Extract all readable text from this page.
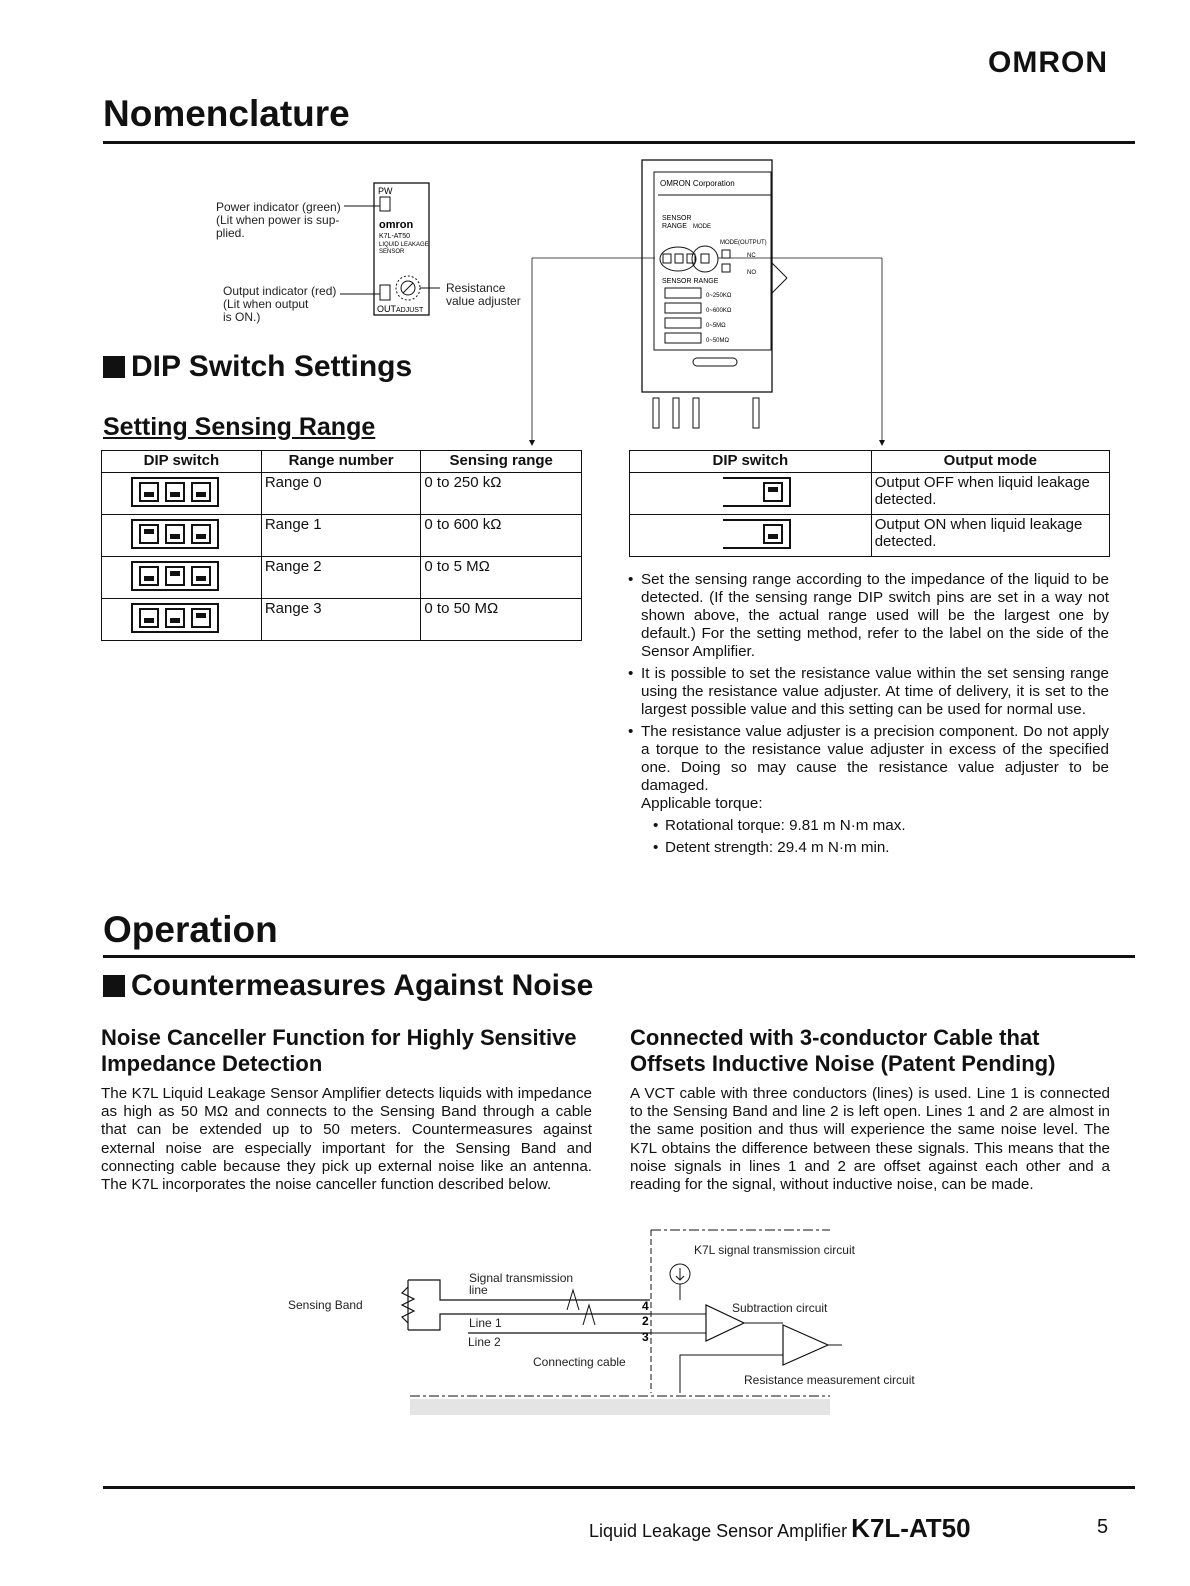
OMRON
Nomenclature
Power indicator (green)
(Lit when power is sup-
plied.
Output indicator (red)
(Lit when output
is ON.)
Resistance
value adjuster
PW
omron
K7L-AT50
LIQUID LEAKAGE
SENSOR
OUT ADJUST
OMRON Corporation
SENSOR
RANGE MODE
MODE(OUTPUT)
NC
NO
SENSOR RANGE
0~250KΩ
0~600KΩ
0~5MΩ
0~50MΩ
DIP Switch Settings
Setting Sensing Range
DIP switch	Range number	Sensing range

	Range 0	0 to 250 kΩ

	Range 1	0 to 600 kΩ

	Range 2	0 to 5 MΩ

	Range 3	0 to 50 MΩ
DIP switch	Output mode

	Output OFF when liquid leakage detected.

	Output ON when liquid leakage detected.
• Set the sensing range according to the impedance of the liquid to be detected. (If the sensing range DIP switch pins are set in a way not shown above, the actual range used will be the largest one by default.) For the setting method, refer to the label on the side of the Sensor Amplifier.
• It is possible to set the resistance value within the set sensing range using the resistance value adjuster. At time of delivery, it is set to the largest possible value and this setting can be used for normal use.
• The resistance value adjuster is a precision component. Do not apply a torque to the resistance value adjuster in excess of the specified one. Doing so may cause the resistance value adjuster to be damaged.
Applicable torque:
• Rotational torque: 9.81 m N·m max.
• Detent strength: 29.4 m N·m min.
Operation
Countermeasures Against Noise
Noise Canceller Function for Highly Sensitive Impedance Detection
The K7L Liquid Leakage Sensor Amplifier detects liquids with impedance as high as 50 MΩ and connects to the Sensing Band through a cable that can be extended up to 50 meters. Countermeasures against external noise are especially important for the Sensing Band and connecting cable because they pick up external noise like an antenna. The K7L incorporates the noise canceller function described below.
Connected with 3-conductor Cable that Offsets Inductive Noise (Patent Pending)
A VCT cable with three conductors (lines) is used. Line 1 is connected to the Sensing Band and line 2 is left open. Lines 1 and 2 are almost in the same position and thus will experience the same noise level. The K7L obtains the difference between these signals. This means that the noise signals in lines 1 and 2 are offset against each other and a reading for the signal, without inductive noise, can be made.
Sensing Band
Signal transmission
line
Line 1
Line 2
Connecting cable
K7L signal transmission circuit
Subtraction circuit
Resistance measurement circuit
4
2
3
Liquid Leakage Sensor Amplifier K7L-AT50	5
